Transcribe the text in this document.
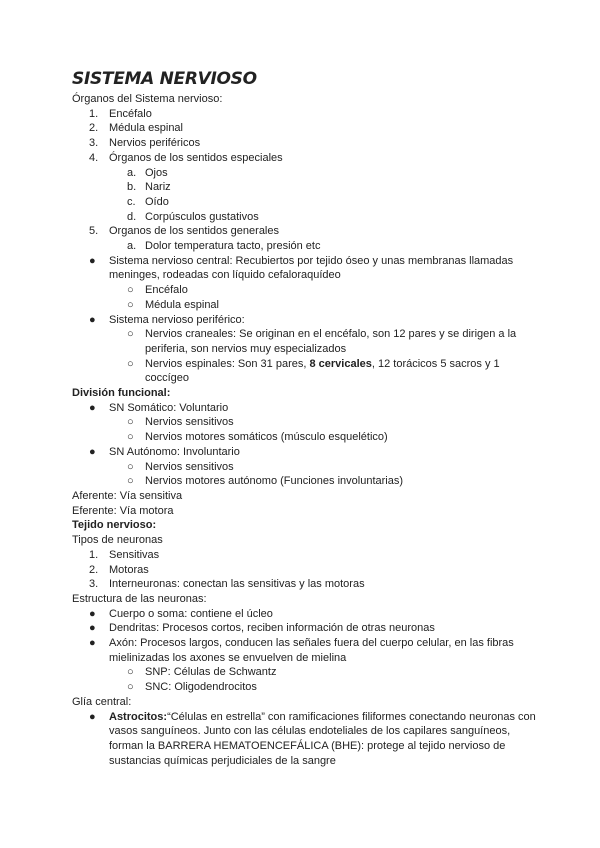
SISTEMA NERVIOSO
Órganos del Sistema nervioso:
1. Encéfalo
2. Médula espinal
3. Nervios periféricos
4. Órganos de los sentidos especiales
a. Ojos
b. Nariz
c. Oído
d. Corpúsculos gustativos
5. Organos de los sentidos generales
a. Dolor temperatura tacto, presión etc
● Sistema nervioso central: Recubiertos por tejido óseo y unas membranas llamadas meninges, rodeadas con líquido cefaloraquídeo
○ Encéfalo
○ Médula espinal
● Sistema nervioso periférico:
○ Nervios craneales: Se originan en el encéfalo, son 12 pares y se dirigen a la periferia, son nervios muy especializados
○ Nervios espinales: Son 31 pares, 8 cervicales, 12 torácicos 5 sacros y 1 coccígeo
División funcional:
● SN Somático: Voluntario
○ Nervios sensitivos
○ Nervios motores somáticos (músculo esquelético)
● SN Autónomo: Involuntario
○ Nervios sensitivos
○ Nervios motores autónomo (Funciones involuntarias)
Aferente: Vía sensitiva
Eferente: Vía motora
Tejido nervioso:
Tipos de neuronas
1. Sensitivas
2. Motoras
3. Interneuronas: conectan las sensitivas y las motoras
Estructura de las neuronas:
● Cuerpo o soma: contiene el úcleo
● Dendritas: Procesos cortos, reciben información de otras neuronas
● Axón: Procesos largos, conducen las señales fuera del cuerpo celular, en las fibras mielinizadas los axones se envuelven de mielina
○ SNP: Células de Schwantz
○ SNC: Oligodendrocitos
Glía central:
● Astrocitos:“Células en estrella” con ramificaciones filiformes conectando neuronas con vasos sanguíneos. Junto con las células endoteliales de los capilares sanguíneos, forman la BARRERA HEMATOENCEFÁLICA (BHE): protege al tejido nervioso de sustancias químicas perjudiciales de la sangre
